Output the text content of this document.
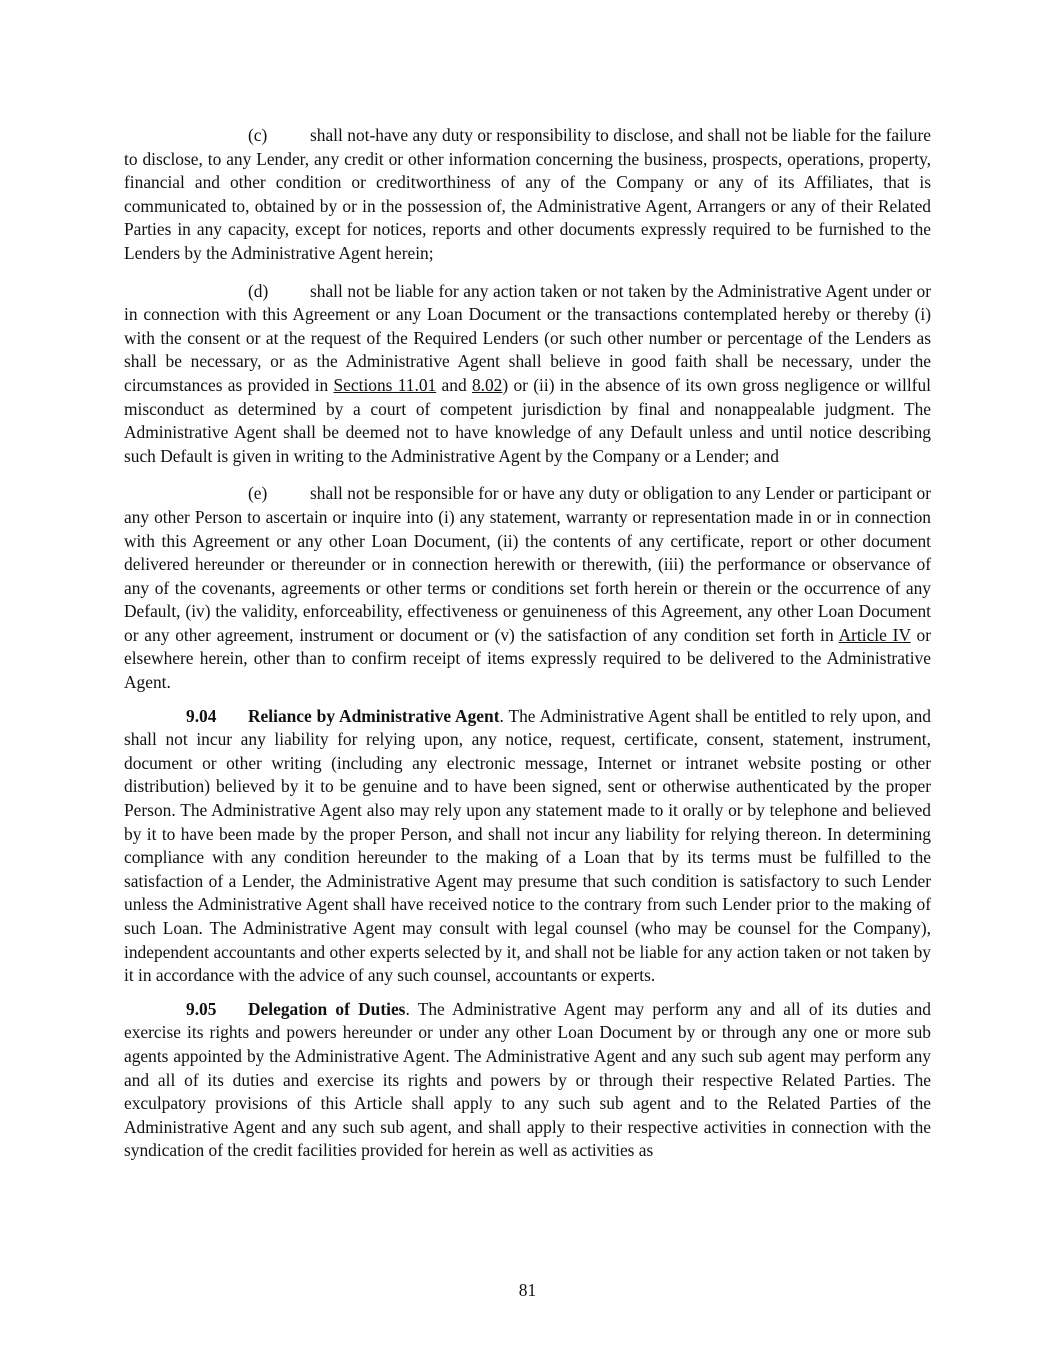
(c) shall not-have any duty or responsibility to disclose, and shall not be liable for the failure to disclose, to any Lender, any credit or other information concerning the business, prospects, operations, property, financial and other condition or creditworthiness of any of the Company or any of its Affiliates, that is communicated to, obtained by or in the possession of, the Administrative Agent, Arrangers or any of their Related Parties in any capacity, except for notices, reports and other documents expressly required to be furnished to the Lenders by the Administrative Agent herein;

(d) shall not be liable for any action taken or not taken by the Administrative Agent under or in connection with this Agreement or any Loan Document or the transactions contemplated hereby or thereby (i) with the consent or at the request of the Required Lenders (or such other number or percentage of the Lenders as shall be necessary, or as the Administrative Agent shall believe in good faith shall be necessary, under the circumstances as provided in Sections 11.01 and 8.02) or (ii) in the absence of its own gross negligence or willful misconduct as determined by a court of competent jurisdiction by final and nonappealable judgment. The Administrative Agent shall be deemed not to have knowledge of any Default unless and until notice describing such Default is given in writing to the Administrative Agent by the Company or a Lender; and

(e) shall not be responsible for or have any duty or obligation to any Lender or participant or any other Person to ascertain or inquire into (i) any statement, warranty or representation made in or in connection with this Agreement or any other Loan Document, (ii) the contents of any certificate, report or other document delivered hereunder or thereunder or in connection herewith or therewith, (iii) the performance or observance of any of the covenants, agreements or other terms or conditions set forth herein or therein or the occurrence of any Default, (iv) the validity, enforceability, effectiveness or genuineness of this Agreement, any other Loan Document or any other agreement, instrument or document or (v) the satisfaction of any condition set forth in Article IV or elsewhere herein, other than to confirm receipt of items expressly required to be delivered to the Administrative Agent.

9.04 Reliance by Administrative Agent. The Administrative Agent shall be entitled to rely upon, and shall not incur any liability for relying upon, any notice, request, certificate, consent, statement, instrument, document or other writing (including any electronic message, Internet or intranet website posting or other distribution) believed by it to be genuine and to have been signed, sent or otherwise authenticated by the proper Person. The Administrative Agent also may rely upon any statement made to it orally or by telephone and believed by it to have been made by the proper Person, and shall not incur any liability for relying thereon. In determining compliance with any condition hereunder to the making of a Loan that by its terms must be fulfilled to the satisfaction of a Lender, the Administrative Agent may presume that such condition is satisfactory to such Lender unless the Administrative Agent shall have received notice to the contrary from such Lender prior to the making of such Loan. The Administrative Agent may consult with legal counsel (who may be counsel for the Company), independent accountants and other experts selected by it, and shall not be liable for any action taken or not taken by it in accordance with the advice of any such counsel, accountants or experts.

9.05 Delegation of Duties. The Administrative Agent may perform any and all of its duties and exercise its rights and powers hereunder or under any other Loan Document by or through any one or more sub agents appointed by the Administrative Agent. The Administrative Agent and any such sub agent may perform any and all of its duties and exercise its rights and powers by or through their respective Related Parties. The exculpatory provisions of this Article shall apply to any such sub agent and to the Related Parties of the Administrative Agent and any such sub agent, and shall apply to their respective activities in connection with the syndication of the credit facilities provided for herein as well as activities as

81
